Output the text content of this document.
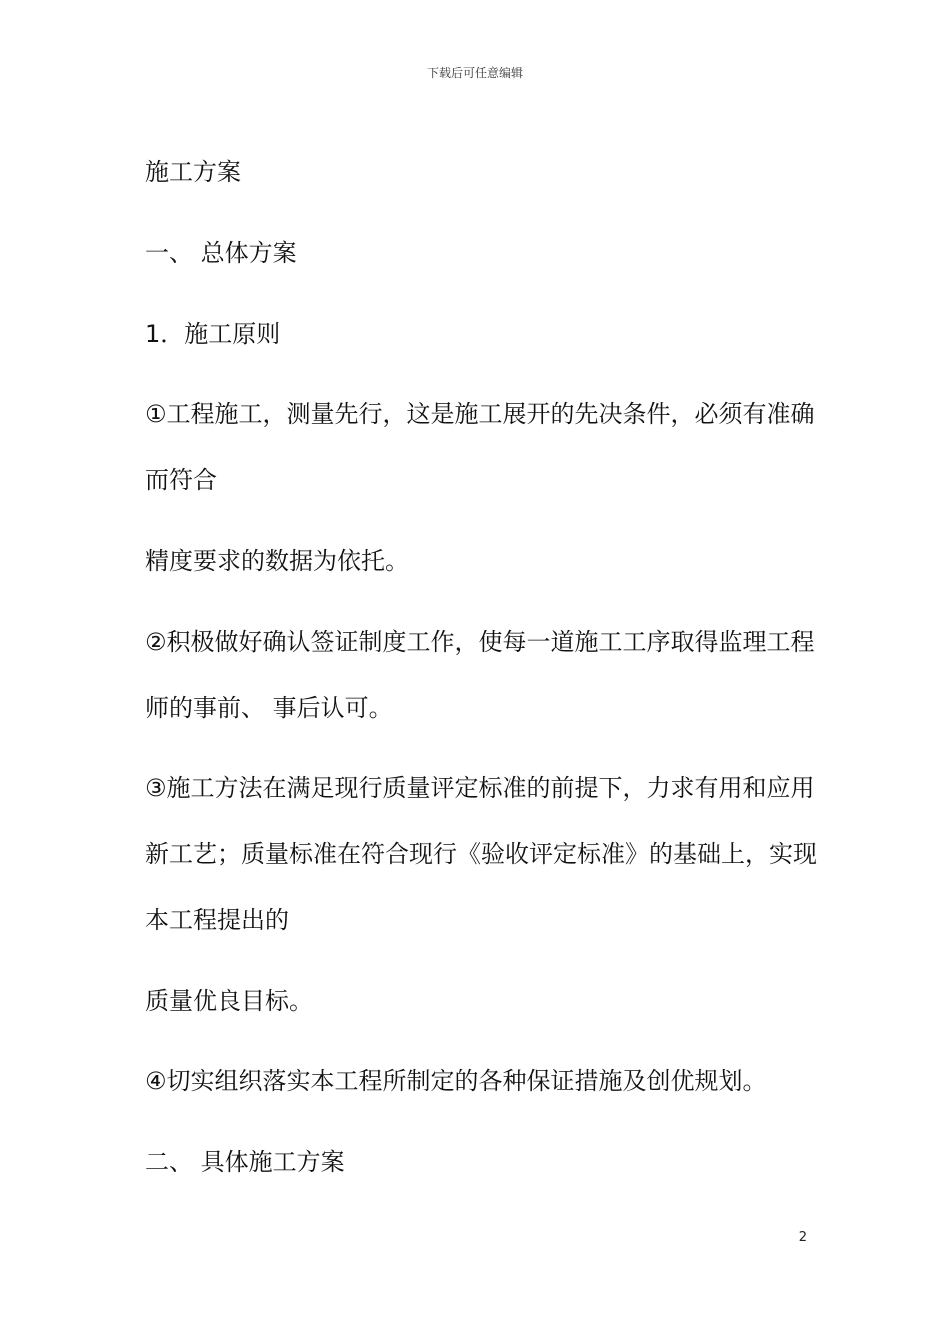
下载后可任意编辑
施工方案
一、 总体方案
1．施工原则
①工程施工，测量先行，这是施工展开的先决条件，必须有准确
而符合
精度要求的数据为依托。
②积极做好确认签证制度工作，使每一道施工工序取得监理工程
师的事前、 事后认可。
③施工方法在满足现行质量评定标准的前提下，力求有用和应用
新工艺；质量标准在符合现行《验收评定标准》的基础上，实现
本工程提出的
质量优良目标。
④切实组织落实本工程所制定的各种保证措施及创优规划。
二、 具体施工方案
2
